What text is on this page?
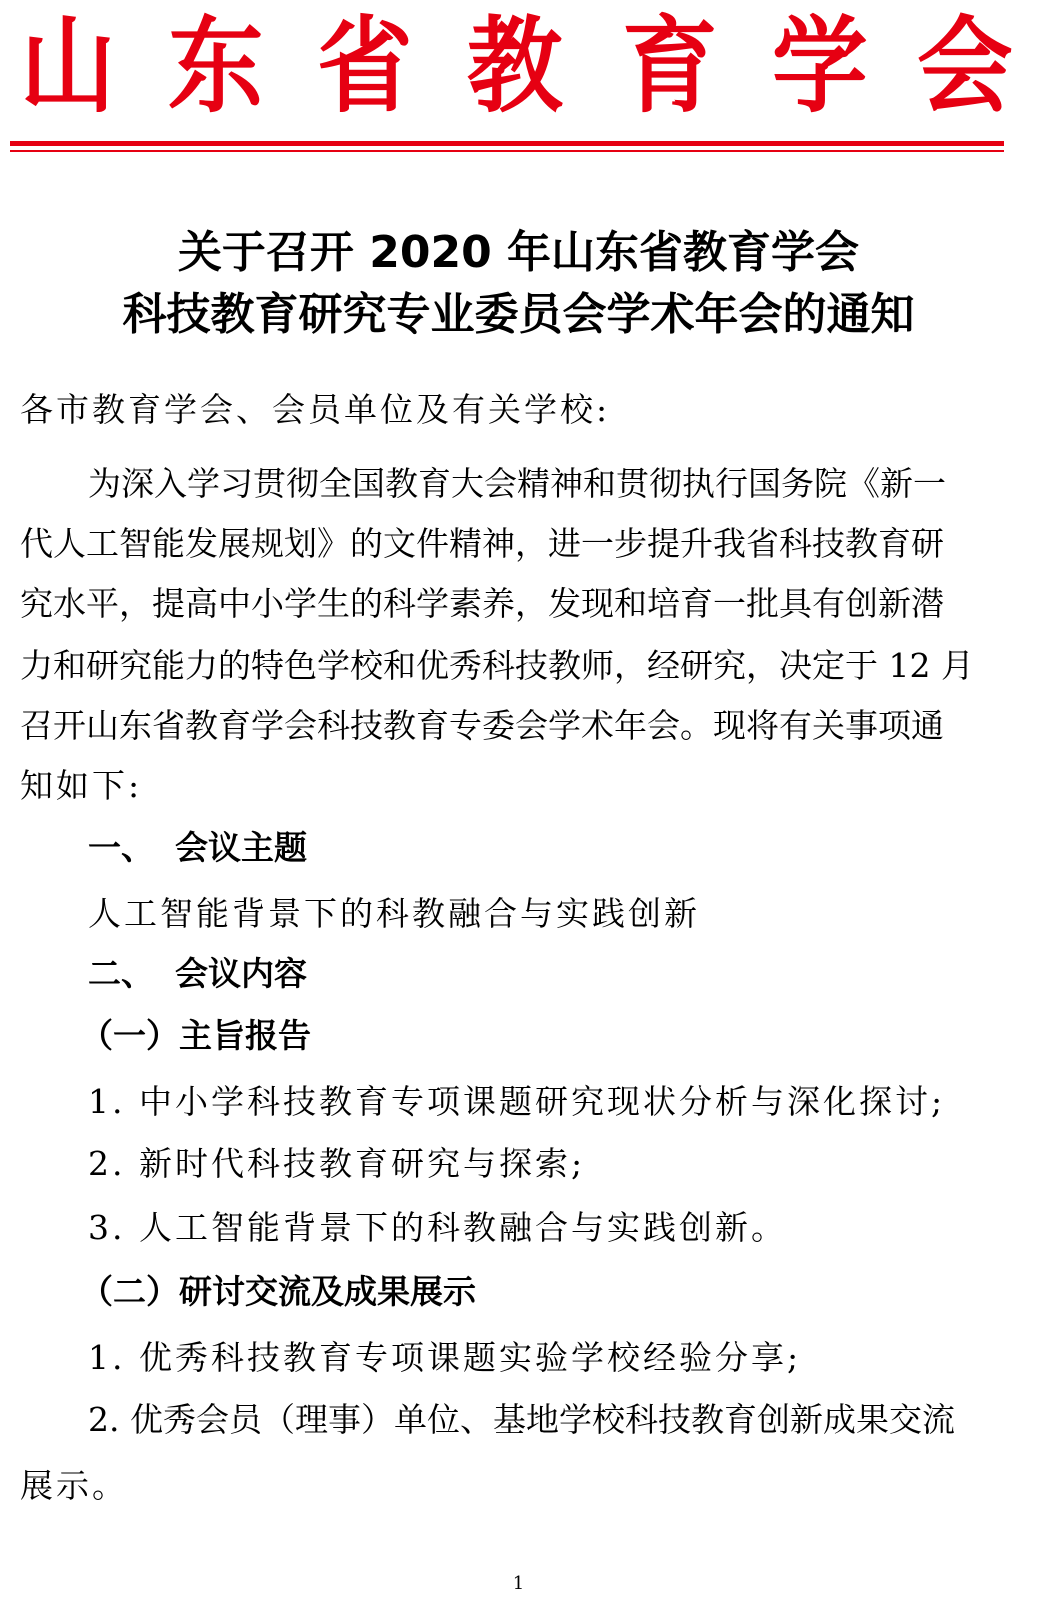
山 东 省 教 育 学 会
关于召开 2020 年山东省教育学会
科技教育研究专业委员会学术年会的通知
各市教育学会、会员单位及有关学校:
为深入学习贯彻全国教育大会精神和贯彻执行国务院《新一
代人工智能发展规划》的文件精神，进一步提升我省科技教育研
究水平，提高中小学生的科学素养，发现和培育一批具有创新潜
力和研究能力的特色学校和优秀科技教师，经研究，决定于 12 月
召开山东省教育学会科技教育专委会学术年会。现将有关事项通
知如下:
一、 会议主题
人工智能背景下的科教融合与实践创新
二、 会议内容
（一）主旨报告
1. 中小学科技教育专项课题研究现状分析与深化探讨;
2. 新时代科技教育研究与探索;
3. 人工智能背景下的科教融合与实践创新。
（二）研讨交流及成果展示
1. 优秀科技教育专项课题实验学校经验分享;
2. 优秀会员（理事）单位、基地学校科技教育创新成果交流
展示。
1
